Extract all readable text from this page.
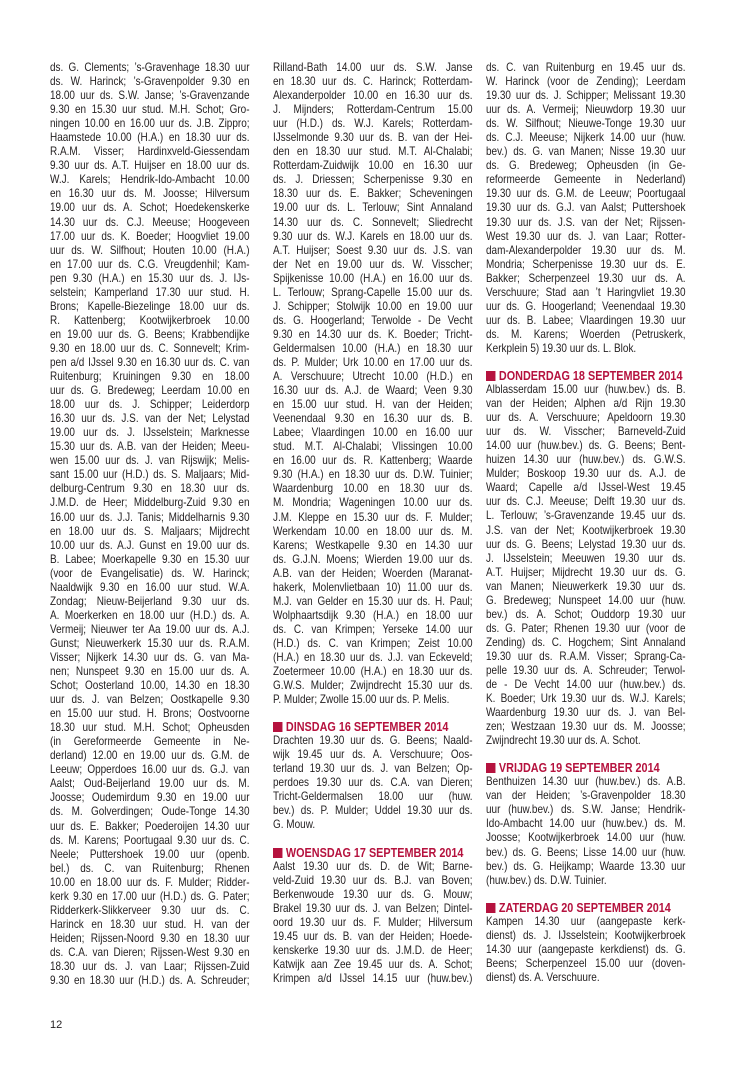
ds. G. Clements; ’s-Gravenhage 18.30 uur
ds. W. Harinck; ’s-Gravenpolder 9.30 en
18.00 uur ds. S.W. Janse; ’s-Gravenzande
9.30 en 15.30 uur stud. M.H. Schot; Gro-
ningen 10.00 en 16.00 uur ds. J.B. Zippro;
Haamstede 10.00 (H.A.) en 18.30 uur ds.
R.A.M. Visser; Hardinxveld-Giessendam
9.30 uur ds. A.T. Huijser en 18.00 uur ds.
W.J. Karels; Hendrik-Ido-Ambacht 10.00
en 16.30 uur ds. M. Joosse; Hilversum
19.00 uur ds. A. Schot; Hoedekenskerke
14.30 uur ds. C.J. Meeuse; Hoogeveen
17.00 uur ds. K. Boeder; Hoogvliet 19.00
uur ds. W. Silfhout; Houten 10.00 (H.A.)
en 17.00 uur ds. C.G. Vreugdenhil; Kam-
pen 9.30 (H.A.) en 15.30 uur ds. J. IJs-
selstein; Kamperland 17.30 uur stud. H.
Brons; Kapelle-Biezelinge 18.00 uur ds.
R. Kattenberg; Kootwijkerbroek 10.00
en 19.00 uur ds. G. Beens; Krabbendijke
9.30 en 18.00 uur ds. C. Sonnevelt; Krim-
pen a/d IJssel 9.30 en 16.30 uur ds. C. van
Ruitenburg; Kruiningen 9.30 en 18.00
uur ds. G. Bredeweg; Leerdam 10.00 en
18.00 uur ds. J. Schipper; Leiderdorp
16.30 uur ds. J.S. van der Net; Lelystad
19.00 uur ds. J. IJsselstein; Marknesse
15.30 uur ds. A.B. van der Heiden; Meeu-
wen 15.00 uur ds. J. van Rijswijk; Melis-
sant 15.00 uur (H.D.) ds. S. Maljaars; Mid-
delburg-Centrum 9.30 en 18.30 uur ds.
J.M.D. de Heer; Middelburg-Zuid 9.30 en
16.00 uur ds. J.J. Tanis; Middelharnis 9.30
en 18.00 uur ds. S. Maljaars; Mijdrecht
10.00 uur ds. A.J. Gunst en 19.00 uur ds.
B. Labee; Moerkapelle 9.30 en 15.30 uur
(voor de Evangelisatie) ds. W. Harinck;
Naaldwijk 9.30 en 16.00 uur stud. W.A.
Zondag; Nieuw-Beijerland 9.30 uur ds.
A. Moerkerken en 18.00 uur (H.D.) ds. A.
Vermeij; Nieuwer ter Aa 19.00 uur ds. A.J.
Gunst; Nieuwerkerk 15.30 uur ds. R.A.M.
Visser; Nijkerk 14.30 uur ds. G. van Ma-
nen; Nunspeet 9.30 en 15.00 uur ds. A.
Schot; Oosterland 10.00, 14.30 en 18.30
uur ds. J. van Belzen; Oostkapelle 9.30
en 15.00 uur stud. H. Brons; Oostvoorne
18.30 uur stud. M.H. Schot; Opheusden
(in Gereformeerde Gemeente in Ne-
derland) 12.00 en 19.00 uur ds. G.M. de
Leeuw; Opperdoes 16.00 uur ds. G.J. van
Aalst; Oud-Beijerland 19.00 uur ds. M.
Joosse; Oudemirdum 9.30 en 19.00 uur
ds. M. Golverdingen; Oude-Tonge 14.30
uur ds. E. Bakker; Poederoijen 14.30 uur
ds. M. Karens; Poortugaal 9.30 uur ds. C.
Neele; Puttershoek 19.00 uur (openb.
bel.) ds. C. van Ruitenburg; Rhenen
10.00 en 18.00 uur ds. F. Mulder; Ridder-
kerk 9.30 en 17.00 uur (H.D.) ds. G. Pater;
Ridderkerk-Slikkerveer 9.30 uur ds. C.
Harinck en 18.30 uur stud. H. van der
Heiden; Rijssen-Noord 9.30 en 18.30 uur
ds. C.A. van Dieren; Rijssen-West 9.30 en
18.30 uur ds. J. van Laar; Rijssen-Zuid
9.30 en 18.30 uur (H.D.) ds. A. Schreuder;
Rilland-Bath 14.00 uur ds. S.W. Janse
en 18.30 uur ds. C. Harinck; Rotterdam-
Alexanderpolder 10.00 en 16.30 uur ds.
J. Mijnders; Rotterdam-Centrum 15.00
uur (H.D.) ds. W.J. Karels; Rotterdam-
IJsselmonde 9.30 uur ds. B. van der Hei-
den en 18.30 uur stud. M.T. Al-Chalabi;
Rotterdam-Zuidwijk 10.00 en 16.30 uur
ds. J. Driessen; Scherpenisse 9.30 en
18.30 uur ds. E. Bakker; Scheveningen
19.00 uur ds. L. Terlouw; Sint Annaland
14.30 uur ds. C. Sonnevelt; Sliedrecht
9.30 uur ds. W.J. Karels en 18.00 uur ds.
A.T. Huijser; Soest 9.30 uur ds. J.S. van
der Net en 19.00 uur ds. W. Visscher;
Spijkenisse 10.00 (H.A.) en 16.00 uur ds.
L. Terlouw; Sprang-Capelle 15.00 uur ds.
J. Schipper; Stolwijk 10.00 en 19.00 uur
ds. G. Hoogerland; Terwolde - De Vecht
9.30 en 14.30 uur ds. K. Boeder; Tricht-
Geldermalsen 10.00 (H.A.) en 18.30 uur
ds. P. Mulder; Urk 10.00 en 17.00 uur ds.
A. Verschuure; Utrecht 10.00 (H.D.) en
16.30 uur ds. A.J. de Waard; Veen 9.30
en 15.00 uur stud. H. van der Heiden;
Veenendaal 9.30 en 16.30 uur ds. B.
Labee; Vlaardingen 10.00 en 16.00 uur
stud. M.T. Al-Chalabi; Vlissingen 10.00
en 16.00 uur ds. R. Kattenberg; Waarde
9.30 (H.A.) en 18.30 uur ds. D.W. Tuinier;
Waardenburg 10.00 en 18.30 uur ds.
M. Mondria; Wageningen 10.00 uur ds.
J.M. Kleppe en 15.30 uur ds. F. Mulder;
Werkendam 10.00 en 18.00 uur ds. M.
Karens; Westkapelle 9.30 en 14.30 uur
ds. G.J.N. Moens; Wierden 19.00 uur ds.
A.B. van der Heiden; Woerden (Maranat-
hakerk, Molenvlietbaan 10) 11.00 uur ds.
M.J. van Gelder en 15.30 uur ds. H. Paul;
Wolphaartsdijk 9.30 (H.A.) en 18.00 uur
ds. C. van Krimpen; Yerseke 14.00 uur
(H.D.) ds. C. van Krimpen; Zeist 10.00
(H.A.) en 18.30 uur ds. J.J. van Eckeveld;
Zoetermeer 10.00 (H.A.) en 18.30 uur ds.
G.W.S. Mulder; Zwijndrecht 15.30 uur ds.
P. Mulder; Zwolle 15.00 uur ds. P. Melis.
DINSDAG 16 SEPTEMBER 2014
Drachten 19.30 uur ds. G. Beens; Naald-
wijk 19.45 uur ds. A. Verschuure; Oos-
terland 19.30 uur ds. J. van Belzen; Op-
perdoes 19.30 uur ds. C.A. van Dieren;
Tricht-Geldermalsen 18.00 uur (huw.
bev.) ds. P. Mulder; Uddel 19.30 uur ds.
G. Mouw.
WOENSDAG 17 SEPTEMBER 2014
Aalst 19.30 uur ds. D. de Wit; Barne-
veld-Zuid 19.30 uur ds. B.J. van Boven;
Berkenwoude 19.30 uur ds. G. Mouw;
Brakel 19.30 uur ds. J. van Belzen; Dintel-
oord 19.30 uur ds. F. Mulder; Hilversum
19.45 uur ds. B. van der Heiden; Hoede-
kenskerke 19.30 uur ds. J.M.D. de Heer;
Katwijk aan Zee 19.45 uur ds. A. Schot;
Krimpen a/d IJssel 14.15 uur (huw.bev.)
ds. C. van Ruitenburg en 19.45 uur ds.
W. Harinck (voor de Zending); Leerdam
19.30 uur ds. J. Schipper; Melissant 19.30
uur ds. A. Vermeij; Nieuwdorp 19.30 uur
ds. W. Silfhout; Nieuwe-Tonge 19.30 uur
ds. C.J. Meeuse; Nijkerk 14.00 uur (huw.
bev.) ds. G. van Manen; Nisse 19.30 uur
ds. G. Bredeweg; Opheusden (in Ge-
reformeerde Gemeente in Nederland)
19.30 uur ds. G.M. de Leeuw; Poortugaal
19.30 uur ds. G.J. van Aalst; Puttershoek
19.30 uur ds. J.S. van der Net; Rijssen-
West 19.30 uur ds. J. van Laar; Rotter-
dam-Alexanderpolder 19.30 uur ds. M.
Mondria; Scherpenisse 19.30 uur ds. E.
Bakker; Scherpenzeel 19.30 uur ds. A.
Verschuure; Stad aan ’t Haringvliet 19.30
uur ds. G. Hoogerland; Veenendaal 19.30
uur ds. B. Labee; Vlaardingen 19.30 uur
ds. M. Karens; Woerden (Petruskerk,
Kerkplein 5) 19.30 uur ds. L. Blok.
DONDERDAG 18 SEPTEMBER 2014
Alblasserdam 15.00 uur (huw.bev.) ds. B.
van der Heiden; Alphen a/d Rijn 19.30
uur ds. A. Verschuure; Apeldoorn 19.30
uur ds. W. Visscher; Barneveld-Zuid
14.00 uur (huw.bev.) ds. G. Beens; Bent-
huizen 14.30 uur (huw.bev.) ds. G.W.S.
Mulder; Boskoop 19.30 uur ds. A.J. de
Waard; Capelle a/d IJssel-West 19.45
uur ds. C.J. Meeuse; Delft 19.30 uur ds.
L. Terlouw; ’s-Gravenzande 19.45 uur ds.
J.S. van der Net; Kootwijkerbroek 19.30
uur ds. G. Beens; Lelystad 19.30 uur ds.
J. IJsselstein; Meeuwen 19.30 uur ds.
A.T. Huijser; Mijdrecht 19.30 uur ds. G.
van Manen; Nieuwerkerk 19.30 uur ds.
G. Bredeweg; Nunspeet 14.00 uur (huw.
bev.) ds. A. Schot; Ouddorp 19.30 uur
ds. G. Pater; Rhenen 19.30 uur (voor de
Zending) ds. C. Hogchem; Sint Annaland
19.30 uur ds. R.A.M. Visser; Sprang-Ca-
pelle 19.30 uur ds. A. Schreuder; Terwol-
de - De Vecht 14.00 uur (huw.bev.) ds.
K. Boeder; Urk 19.30 uur ds. W.J. Karels;
Waardenburg 19.30 uur ds. J. van Bel-
zen; Westzaan 19.30 uur ds. M. Joosse;
Zwijndrecht 19.30 uur ds. A. Schot.
VRIJDAG 19 SEPTEMBER 2014
Benthuizen 14.30 uur (huw.bev.) ds. A.B.
van der Heiden; ’s-Gravenpolder 18.30
uur (huw.bev.) ds. S.W. Janse; Hendrik-
Ido-Ambacht 14.00 uur (huw.bev.) ds. M.
Joosse; Kootwijkerbroek 14.00 uur (huw.
bev.) ds. G. Beens; Lisse 14.00 uur (huw.
bev.) ds. G. Heijkamp; Waarde 13.30 uur
(huw.bev.) ds. D.W. Tuinier.
ZATERDAG 20 SEPTEMBER 2014
Kampen 14.30 uur (aangepaste kerk-
dienst) ds. J. IJsselstein; Kootwijkerbroek
14.30 uur (aangepaste kerkdienst) ds. G.
Beens; Scherpenzeel 15.00 uur (doven-
dienst) ds. A. Verschuure.
12
